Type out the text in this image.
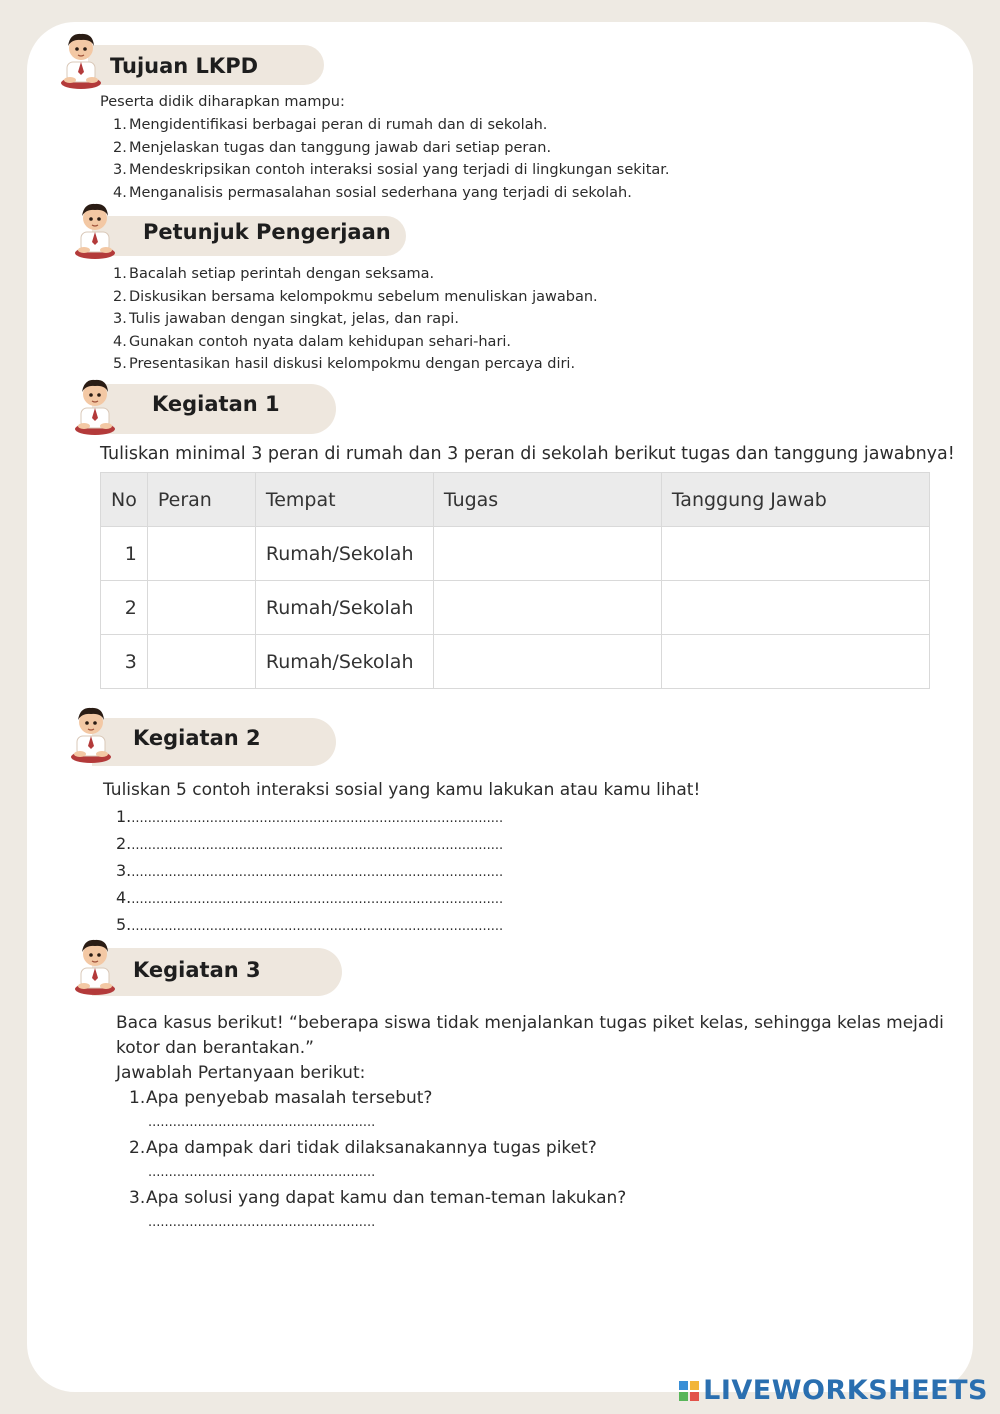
Tujuan LKPD
Peserta didik diharapkan mampu:
1. Mengidentifikasi berbagai peran di rumah dan di sekolah.
2. Menjelaskan tugas dan tanggung jawab dari setiap peran.
3. Mendeskripsikan contoh interaksi sosial yang terjadi di lingkungan sekitar.
4. Menganalisis permasalahan sosial sederhana yang terjadi di sekolah.
Petunjuk Pengerjaan
1. Bacalah setiap perintah dengan seksama.
2. Diskusikan bersama kelompokmu sebelum menuliskan jawaban.
3. Tulis jawaban dengan singkat, jelas, dan rapi.
4. Gunakan contoh nyata dalam kehidupan sehari-hari.
5. Presentasikan hasil diskusi kelompokmu dengan percaya diri.
Kegiatan 1
Tuliskan minimal 3 peran di rumah dan 3 peran di sekolah berikut tugas dan tanggung jawabnya!
No	Peran	Tempat	Tugas	Tanggung Jawab
1		Rumah/Sekolah		
2		Rumah/Sekolah		
3		Rumah/Sekolah		
Kegiatan 2
Tuliskan 5 contoh interaksi sosial yang kamu lakukan atau kamu lihat!
1...........................................................................................
2...........................................................................................
3...........................................................................................
4...........................................................................................
5...........................................................................................
Kegiatan 3
Baca kasus berikut! “beberapa siswa tidak menjalankan tugas piket kelas, sehingga kelas mejadi
kotor dan berantakan.”
Jawablah Pertanyaan berikut:
1.Apa penyebab masalah tersebut?
.......................................................
2.Apa dampak dari tidak dilaksanakannya tugas piket?
.......................................................
3.Apa solusi yang dapat kamu dan teman-teman lakukan?
.......................................................
LIVEWORKSHEETS
